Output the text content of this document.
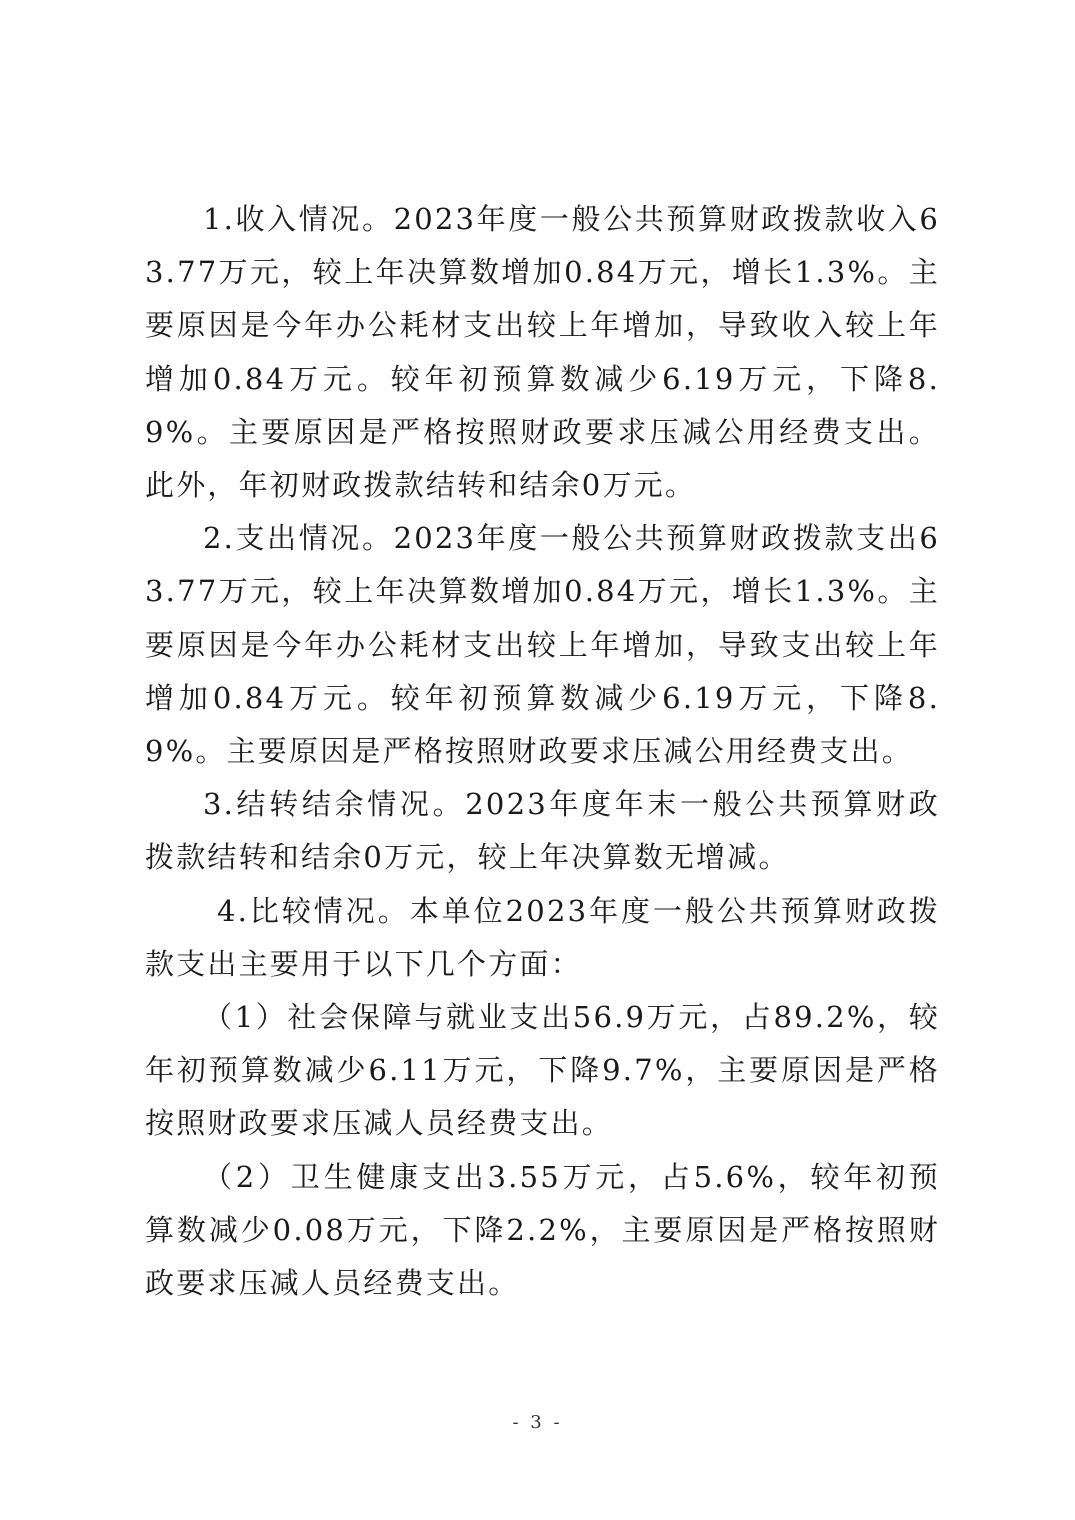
1.收入情况。2023年度一般公共预算财政拨款收入63.77万元，较上年决算数增加0.84万元，增长1.3%。主要原因是今年办公耗材支出较上年增加，导致收入较上年增加0.84万元。较年初预算数减少6.19万元，下降8.9%。主要原因是严格按照财政要求压减公用经费支出。此外，年初财政拨款结转和结余0万元。

2.支出情况。2023年度一般公共预算财政拨款支出63.77万元，较上年决算数增加0.84万元，增长1.3%。主要原因是今年办公耗材支出较上年增加，导致支出较上年增加0.84万元。较年初预算数减少6.19万元，下降8.9%。主要原因是严格按照财政要求压减公用经费支出。

3.结转结余情况。2023年度年末一般公共预算财政拨款结转和结余0万元，较上年决算数无增减。

4.比较情况。本单位2023年度一般公共预算财政拨款支出主要用于以下几个方面：

（1）社会保障与就业支出56.9万元，占89.2%，较年初预算数减少6.11万元，下降9.7%，主要原因是严格按照财政要求压减人员经费支出。

（2）卫生健康支出3.55万元，占5.6%，较年初预算数减少0.08万元，下降2.2%，主要原因是严格按照财政要求压减人员经费支出。

- 3 -
